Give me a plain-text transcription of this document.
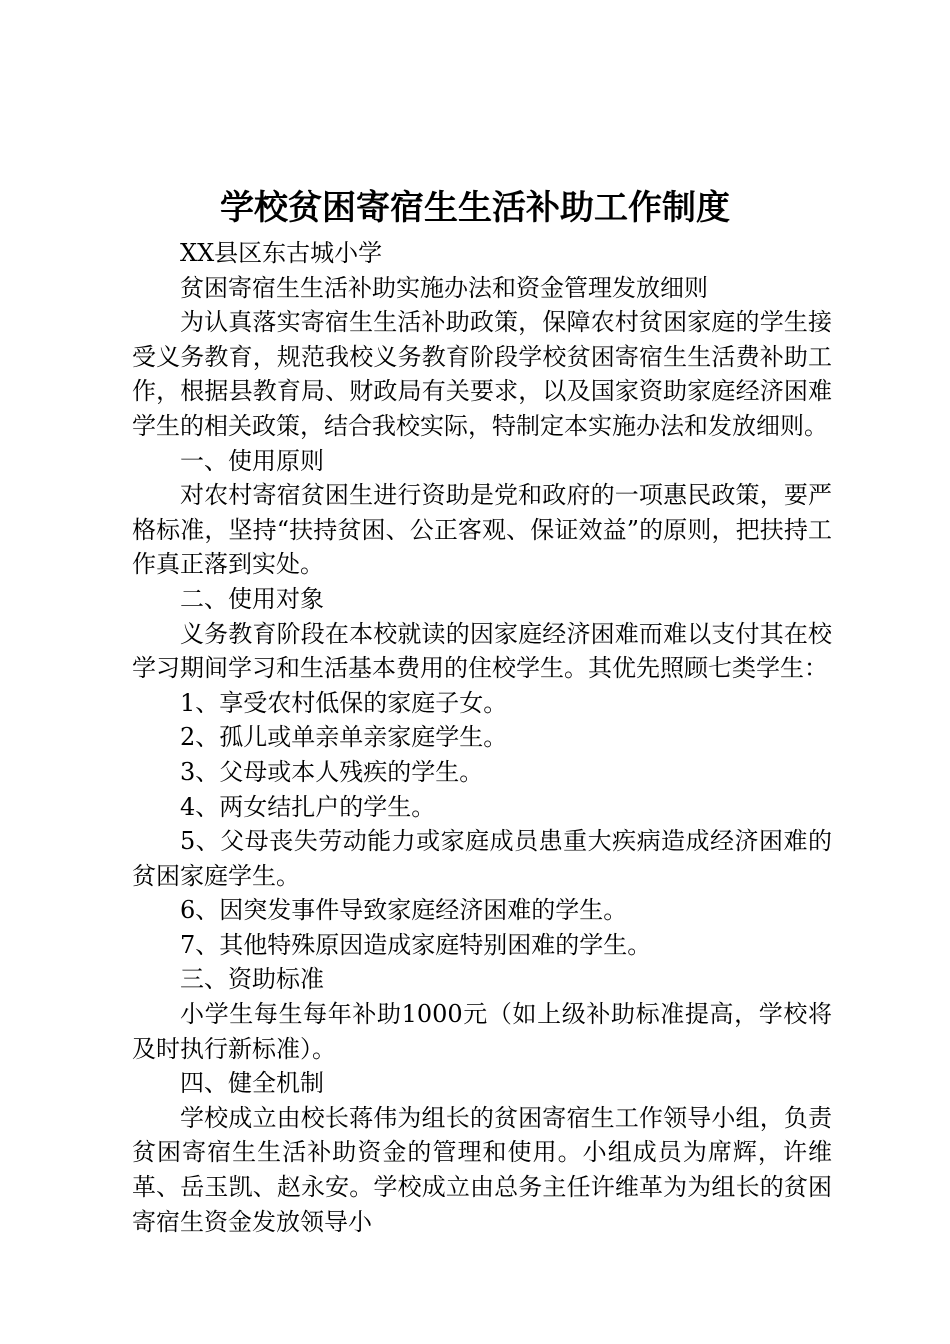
学校贫困寄宿生生活补助工作制度

XX县区东古城小学

贫困寄宿生生活补助实施办法和资金管理发放细则

为认真落实寄宿生生活补助政策，保障农村贫困家庭的学生接受义务教育，规范我校义务教育阶段学校贫困寄宿生生活费补助工作，根据县教育局、财政局有关要求，以及国家资助家庭经济困难学生的相关政策，结合我校实际，特制定本实施办法和发放细则。

一、使用原则

对农村寄宿贫困生进行资助是党和政府的一项惠民政策，要严格标准，坚持“扶持贫困、公正客观、保证效益”的原则，把扶持工作真正落到实处。

二、使用对象

义务教育阶段在本校就读的因家庭经济困难而难以支付其在校学习期间学习和生活基本费用的住校学生。其优先照顾七类学生：

1、享受农村低保的家庭子女。

2、孤儿或单亲单亲家庭学生。

3、父母或本人残疾的学生。

4、两女结扎户的学生。

5、父母丧失劳动能力或家庭成员患重大疾病造成经济困难的贫困家庭学生。

6、因突发事件导致家庭经济困难的学生。

7、其他特殊原因造成家庭特别困难的学生。

三、资助标准

小学生每生每年补助1000元（如上级补助标准提高，学校将及时执行新标准）。

四、健全机制

学校成立由校长蒋伟为组长的贫困寄宿生工作领导小组，负责贫困寄宿生生活补助资金的管理和使用。小组成员为席辉，许维革、岳玉凯、赵永安。学校成立由总务主任许维革为为组长的贫困寄宿生资金发放领导小
